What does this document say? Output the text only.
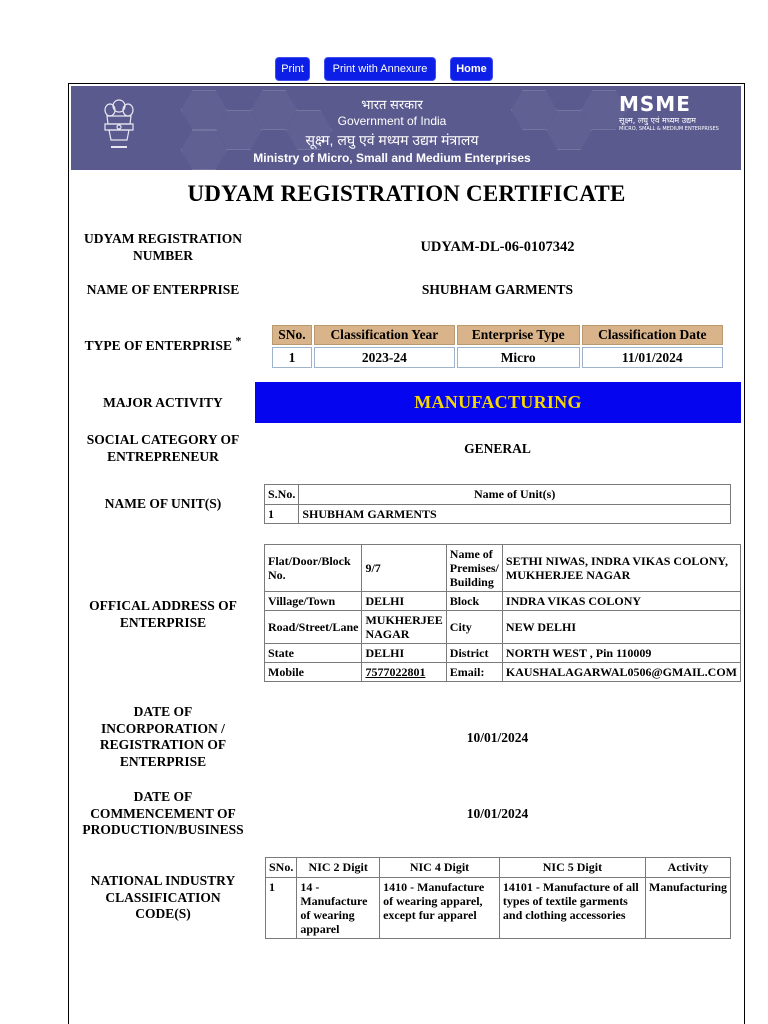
Print	Print with Annexure	Home
भारत सरकार
Government of India
सूक्ष्म, लघु एवं मध्यम उद्यम मंत्रालय
Ministry of Micro, Small and Medium Enterprises
MSME
सूक्ष्म, लघु एवं मध्यम उद्यम
MICRO, SMALL & MEDIUM ENTERPRISES
UDYAM REGISTRATION CERTIFICATE
UDYAM REGISTRATION NUMBER	UDYAM-DL-06-0107342
NAME OF ENTERPRISE	SHUBHAM GARMENTS
TYPE OF ENTERPRISE *	SNo.	Classification Year	Enterprise Type	Classification Date
1	2023-24	Micro	11/01/2024
MAJOR ACTIVITY	MANUFACTURING
SOCIAL CATEGORY OF ENTREPRENEUR	GENERAL
NAME OF UNIT(S)
S.No.	Name of Unit(s)
1	SHUBHAM GARMENTS
OFFICAL ADDRESS OF ENTERPRISE
Flat/Door/Block No.	9/7	Name of Premises/ Building	SETHI NIWAS, INDRA VIKAS COLONY, MUKHERJEE NAGAR
Village/Town	DELHI	Block	INDRA VIKAS COLONY
Road/Street/Lane	MUKHERJEE NAGAR	City	NEW DELHI
State	DELHI	District	NORTH WEST , Pin 110009
Mobile	7577022801	Email:	KAUSHALAGARWAL0506@GMAIL.COM
DATE OF INCORPORATION / REGISTRATION OF ENTERPRISE
10/01/2024
DATE OF COMMENCEMENT OF PRODUCTION/BUSINESS
10/01/2024
NATIONAL INDUSTRY CLASSIFICATION CODE(S)
SNo.	NIC 2 Digit	NIC 4 Digit	NIC 5 Digit	Activity
1	14 - Manufacture of wearing apparel	1410 - Manufacture of wearing apparel, except fur apparel	14101 - Manufacture of all types of textile garments and clothing accessories	Manufacturing
